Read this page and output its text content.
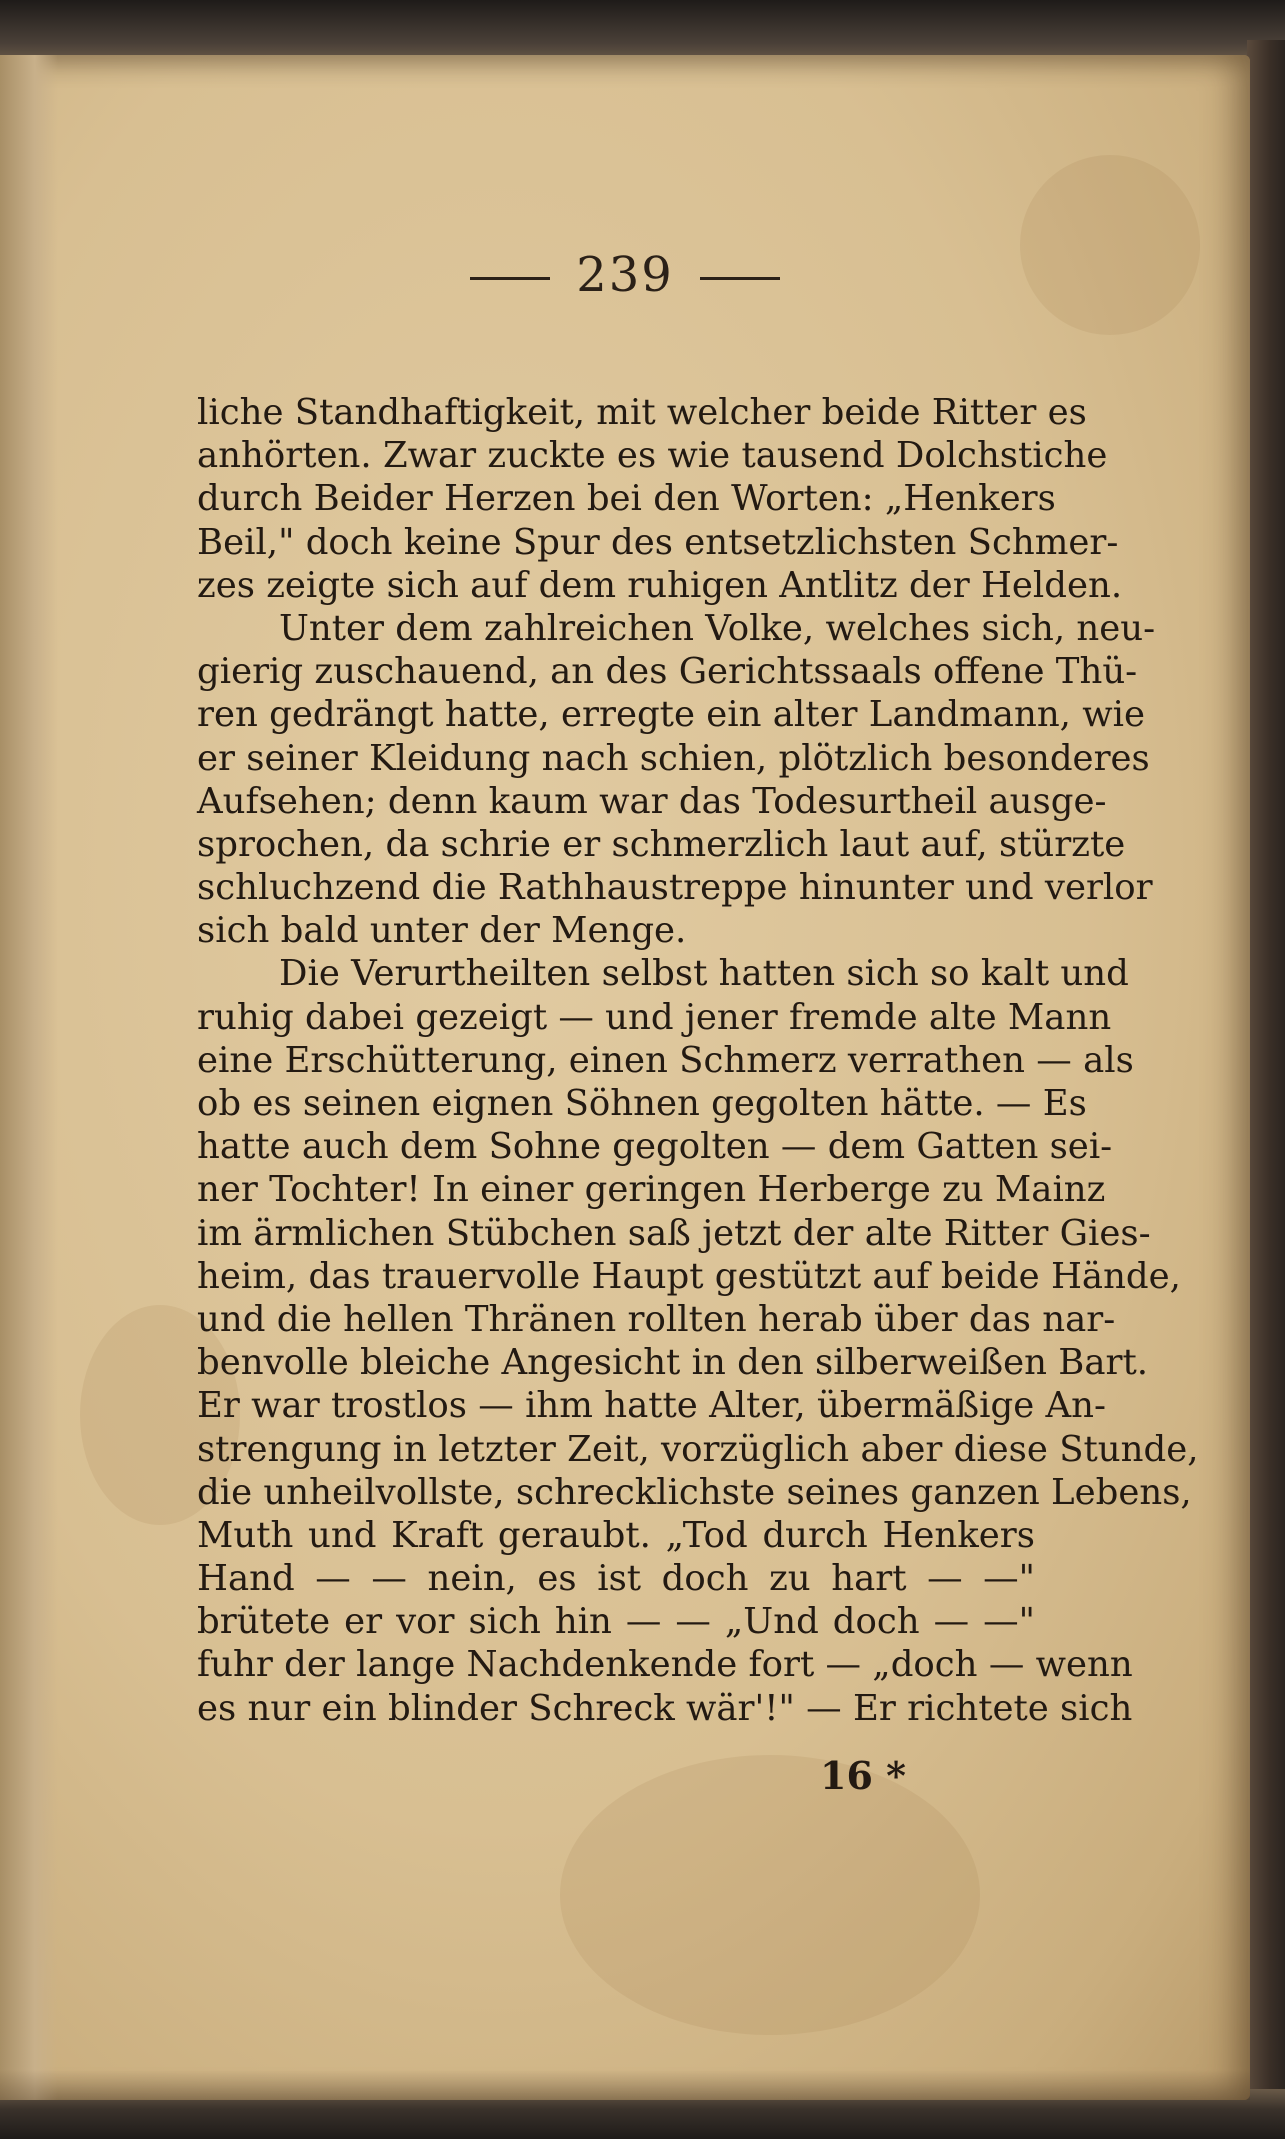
239
liche Standhaftigkeit, mit welcher beide Ritter es
anhörten. Zwar zuckte es wie tausend Dolchstiche
durch Beider Herzen bei den Worten: „Henkers
Beil," doch keine Spur des entsetzlichsten Schmer-
zes zeigte sich auf dem ruhigen Antlitz der Helden.
Unter dem zahlreichen Volke, welches sich, neu-
gierig zuschauend, an des Gerichtssaals offene Thü-
ren gedrängt hatte, erregte ein alter Landmann, wie
er seiner Kleidung nach schien, plötzlich besonderes
Aufsehen; denn kaum war das Todesurtheil ausge-
sprochen, da schrie er schmerzlich laut auf, stürzte
schluchzend die Rathhaustreppe hinunter und verlor
sich bald unter der Menge.
Die Verurtheilten selbst hatten sich so kalt und
ruhig dabei gezeigt — und jener fremde alte Mann
eine Erschütterung, einen Schmerz verrathen — als
ob es seinen eignen Söhnen gegolten hätte. — Es
hatte auch dem Sohne gegolten — dem Gatten sei-
ner Tochter! In einer geringen Herberge zu Mainz
im ärmlichen Stübchen saß jetzt der alte Ritter Gies-
heim, das trauervolle Haupt gestützt auf beide Hände,
und die hellen Thränen rollten herab über das nar-
benvolle bleiche Angesicht in den silberweißen Bart.
Er war trostlos — ihm hatte Alter, übermäßige An-
strengung in letzter Zeit, vorzüglich aber diese Stunde,
die unheilvollste, schrecklichste seines ganzen Lebens,
Muth und Kraft geraubt. „Tod durch Henkers
Hand — — nein, es ist doch zu hart — —"
brütete er vor sich hin — — „Und doch — —"
fuhr der lange Nachdenkende fort — „doch — wenn
es nur ein blinder Schreck wär'!" — Er richtete sich
16 *
